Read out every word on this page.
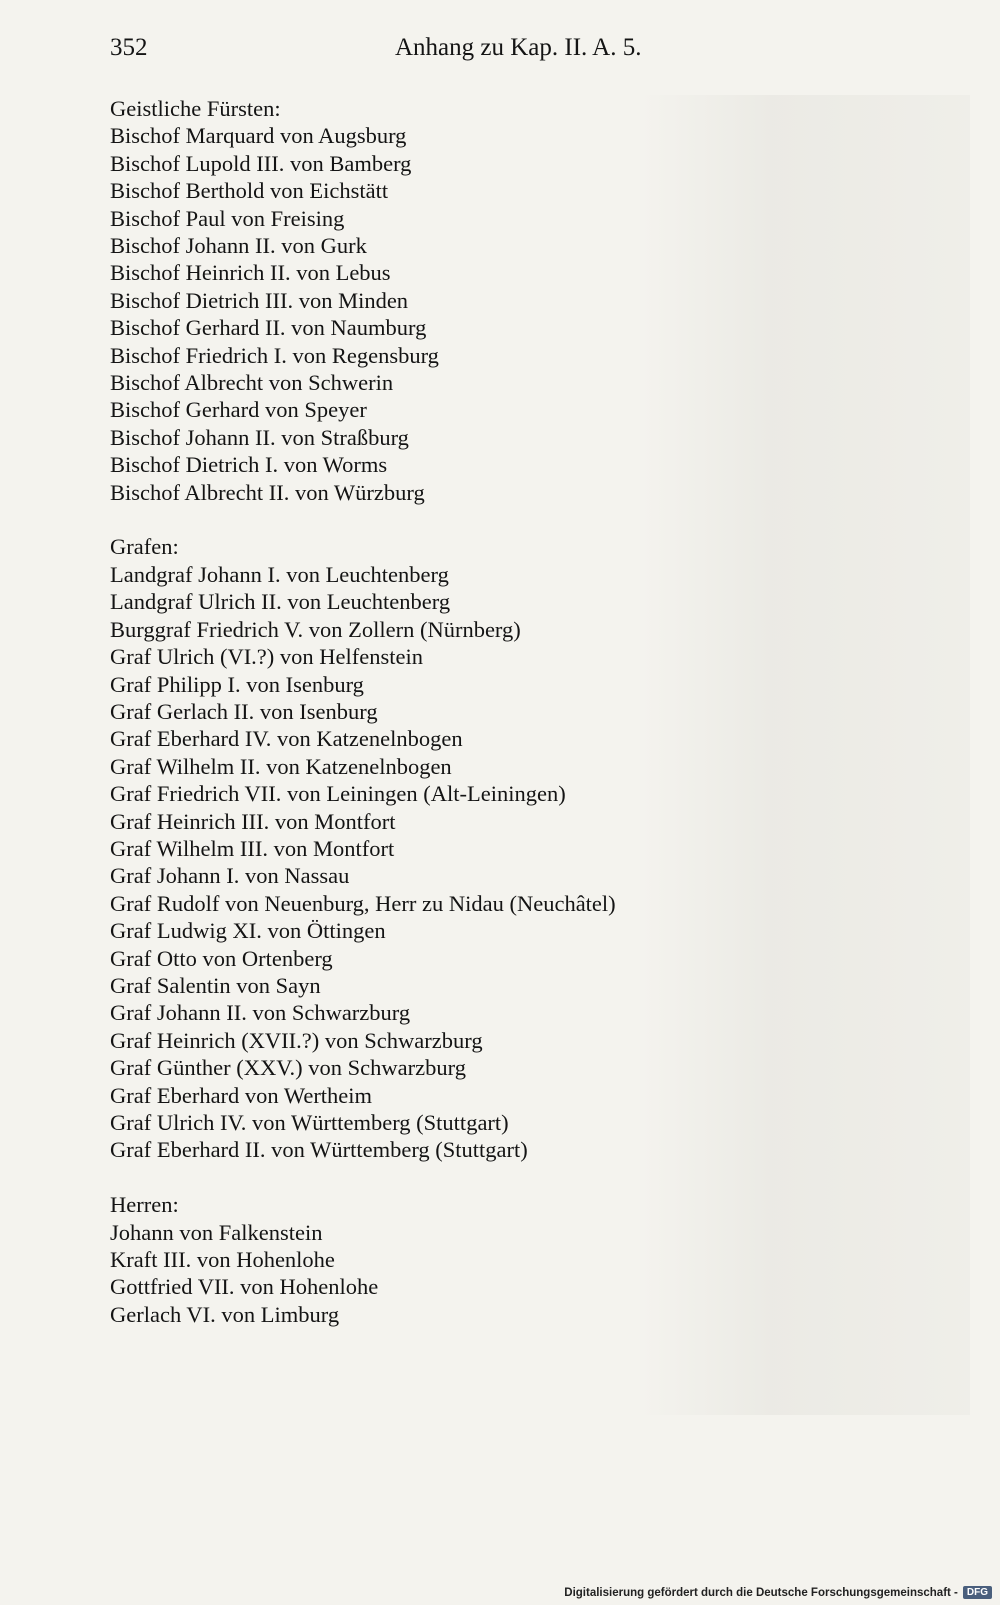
352	Anhang zu Kap. II. A. 5.
Geistliche Fürsten:
Bischof Marquard von Augsburg
Bischof Lupold III. von Bamberg
Bischof Berthold von Eichstätt
Bischof Paul von Freising
Bischof Johann II. von Gurk
Bischof Heinrich II. von Lebus
Bischof Dietrich III. von Minden
Bischof Gerhard II. von Naumburg
Bischof Friedrich I. von Regensburg
Bischof Albrecht von Schwerin
Bischof Gerhard von Speyer
Bischof Johann II. von Straßburg
Bischof Dietrich I. von Worms
Bischof Albrecht II. von Würzburg
Grafen:
Landgraf Johann I. von Leuchtenberg
Landgraf Ulrich II. von Leuchtenberg
Burggraf Friedrich V. von Zollern (Nürnberg)
Graf Ulrich (VI.?) von Helfenstein
Graf Philipp I. von Isenburg
Graf Gerlach II. von Isenburg
Graf Eberhard IV. von Katzenelnbogen
Graf Wilhelm II. von Katzenelnbogen
Graf Friedrich VII. von Leiningen (Alt-Leiningen)
Graf Heinrich III. von Montfort
Graf Wilhelm III. von Montfort
Graf Johann I. von Nassau
Graf Rudolf von Neuenburg, Herr zu Nidau (Neuchâtel)
Graf Ludwig XI. von Öttingen
Graf Otto von Ortenberg
Graf Salentin von Sayn
Graf Johann II. von Schwarzburg
Graf Heinrich (XVII.?) von Schwarzburg
Graf Günther (XXV.) von Schwarzburg
Graf Eberhard von Wertheim
Graf Ulrich IV. von Württemberg (Stuttgart)
Graf Eberhard II. von Württemberg (Stuttgart)
Herren:
Johann von Falkenstein
Kraft III. von Hohenlohe
Gottfried VII. von Hohenlohe
Gerlach VI. von Limburg
Digitalisierung gefördert durch die Deutsche Forschungsgemeinschaft - DFG
